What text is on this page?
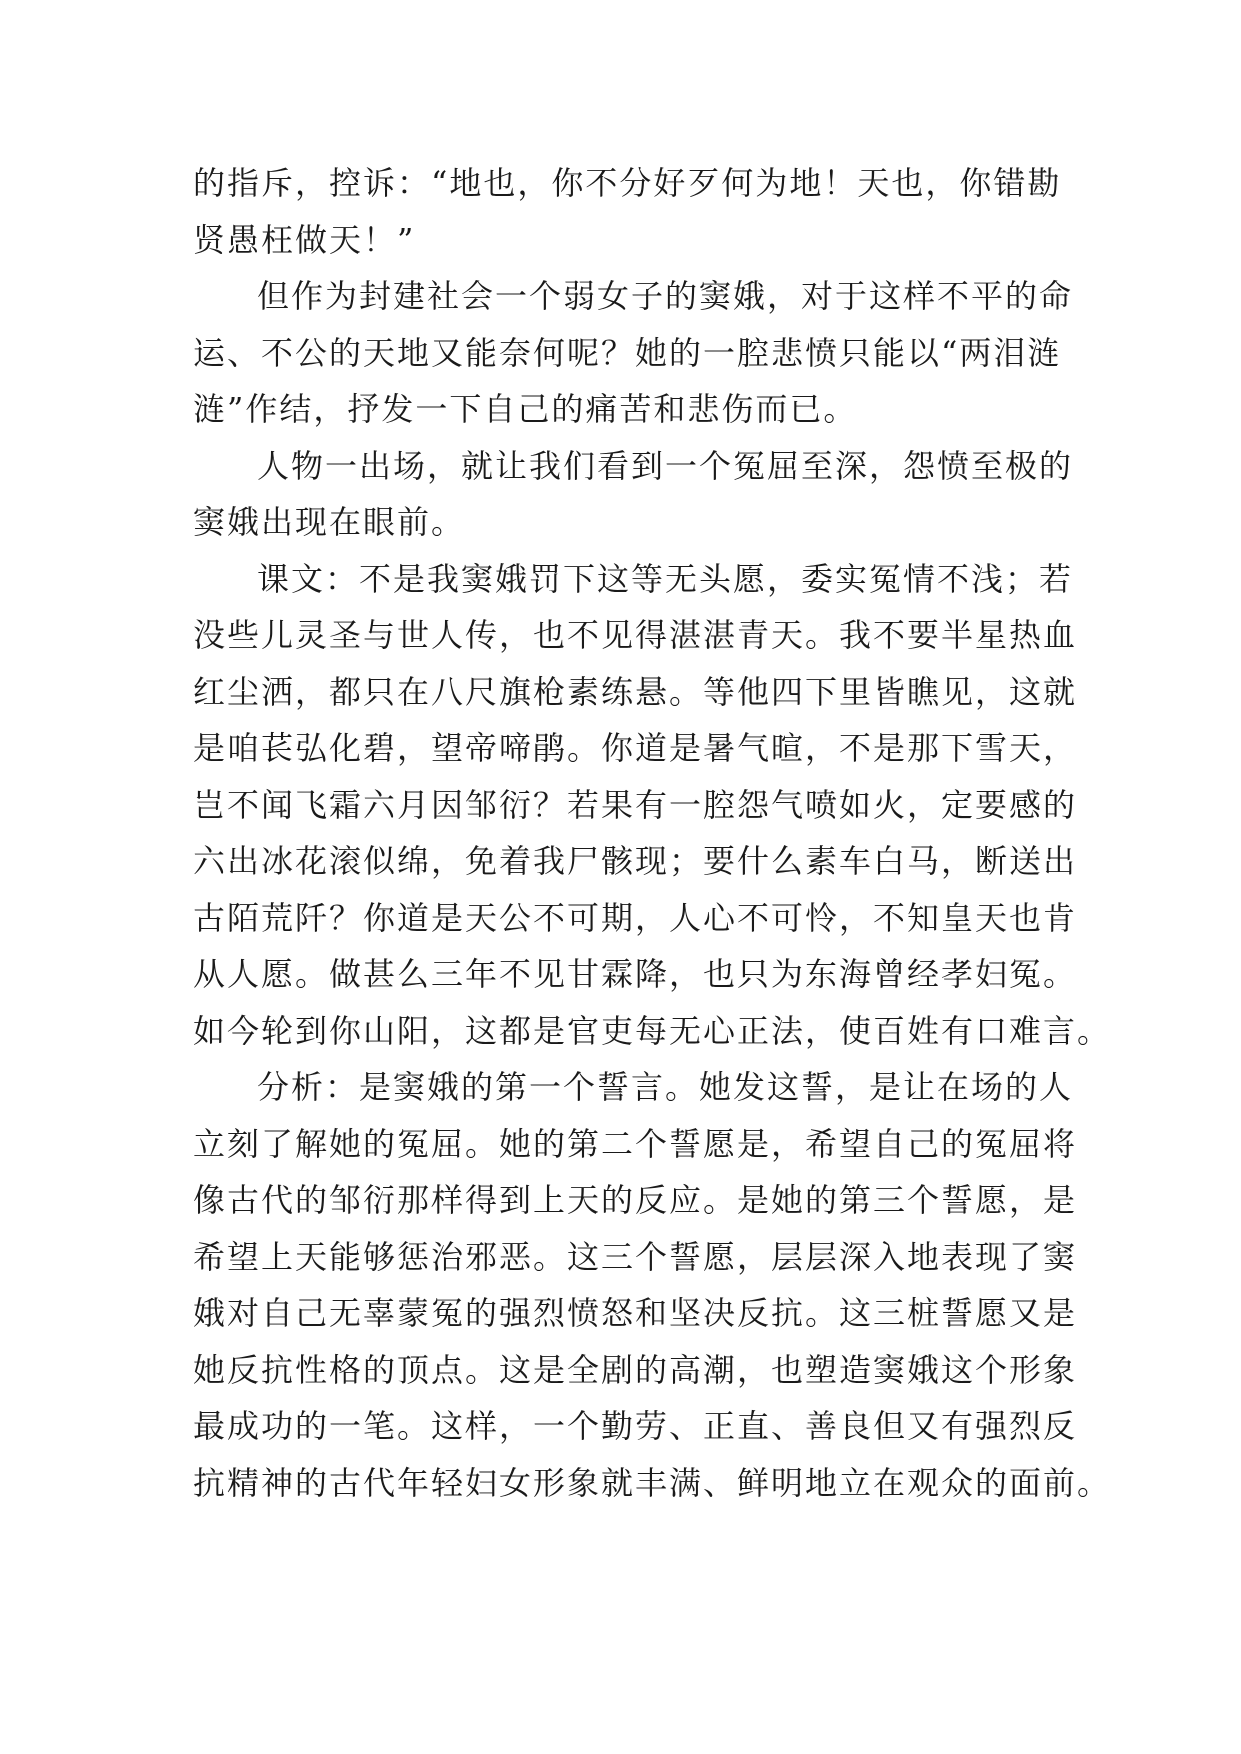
的指斥，控诉：“地也，你不分好歹何为地！天也，你错勘
贤愚枉做天！”
但作为封建社会一个弱女子的窦娥，对于这样不平的命
运、不公的天地又能奈何呢？她的一腔悲愤只能以“两泪涟
涟”作结，抒发一下自己的痛苦和悲伤而已。
人物一出场，就让我们看到一个冤屈至深，怨愤至极的
窦娥出现在眼前。
课文：不是我窦娥罚下这等无头愿，委实冤情不浅；若
没些儿灵圣与世人传，也不见得湛湛青天。我不要半星热血
红尘洒，都只在八尺旗枪素练悬。等他四下里皆瞧见，这就
是咱苌弘化碧，望帝啼鹃。你道是暑气暄，不是那下雪天，
岂不闻飞霜六月因邹衍？若果有一腔怨气喷如火，定要感的
六出冰花滚似绵，免着我尸骸现；要什么素车白马，断送出
古陌荒阡？你道是天公不可期，人心不可怜，不知皇天也肯
从人愿。做甚么三年不见甘霖降，也只为东海曾经孝妇冤。
如今轮到你山阳，这都是官吏每无心正法，使百姓有口难言。
分析：是窦娥的第一个誓言。她发这誓，是让在场的人
立刻了解她的冤屈。她的第二个誓愿是，希望自己的冤屈将
像古代的邹衍那样得到上天的反应。是她的第三个誓愿，是
希望上天能够惩治邪恶。这三个誓愿，层层深入地表现了窦
娥对自己无辜蒙冤的强烈愤怒和坚决反抗。这三桩誓愿又是
她反抗性格的顶点。这是全剧的高潮，也塑造窦娥这个形象
最成功的一笔。这样，一个勤劳、正直、善良但又有强烈反
抗精神的古代年轻妇女形象就丰满、鲜明地立在观众的面前。
